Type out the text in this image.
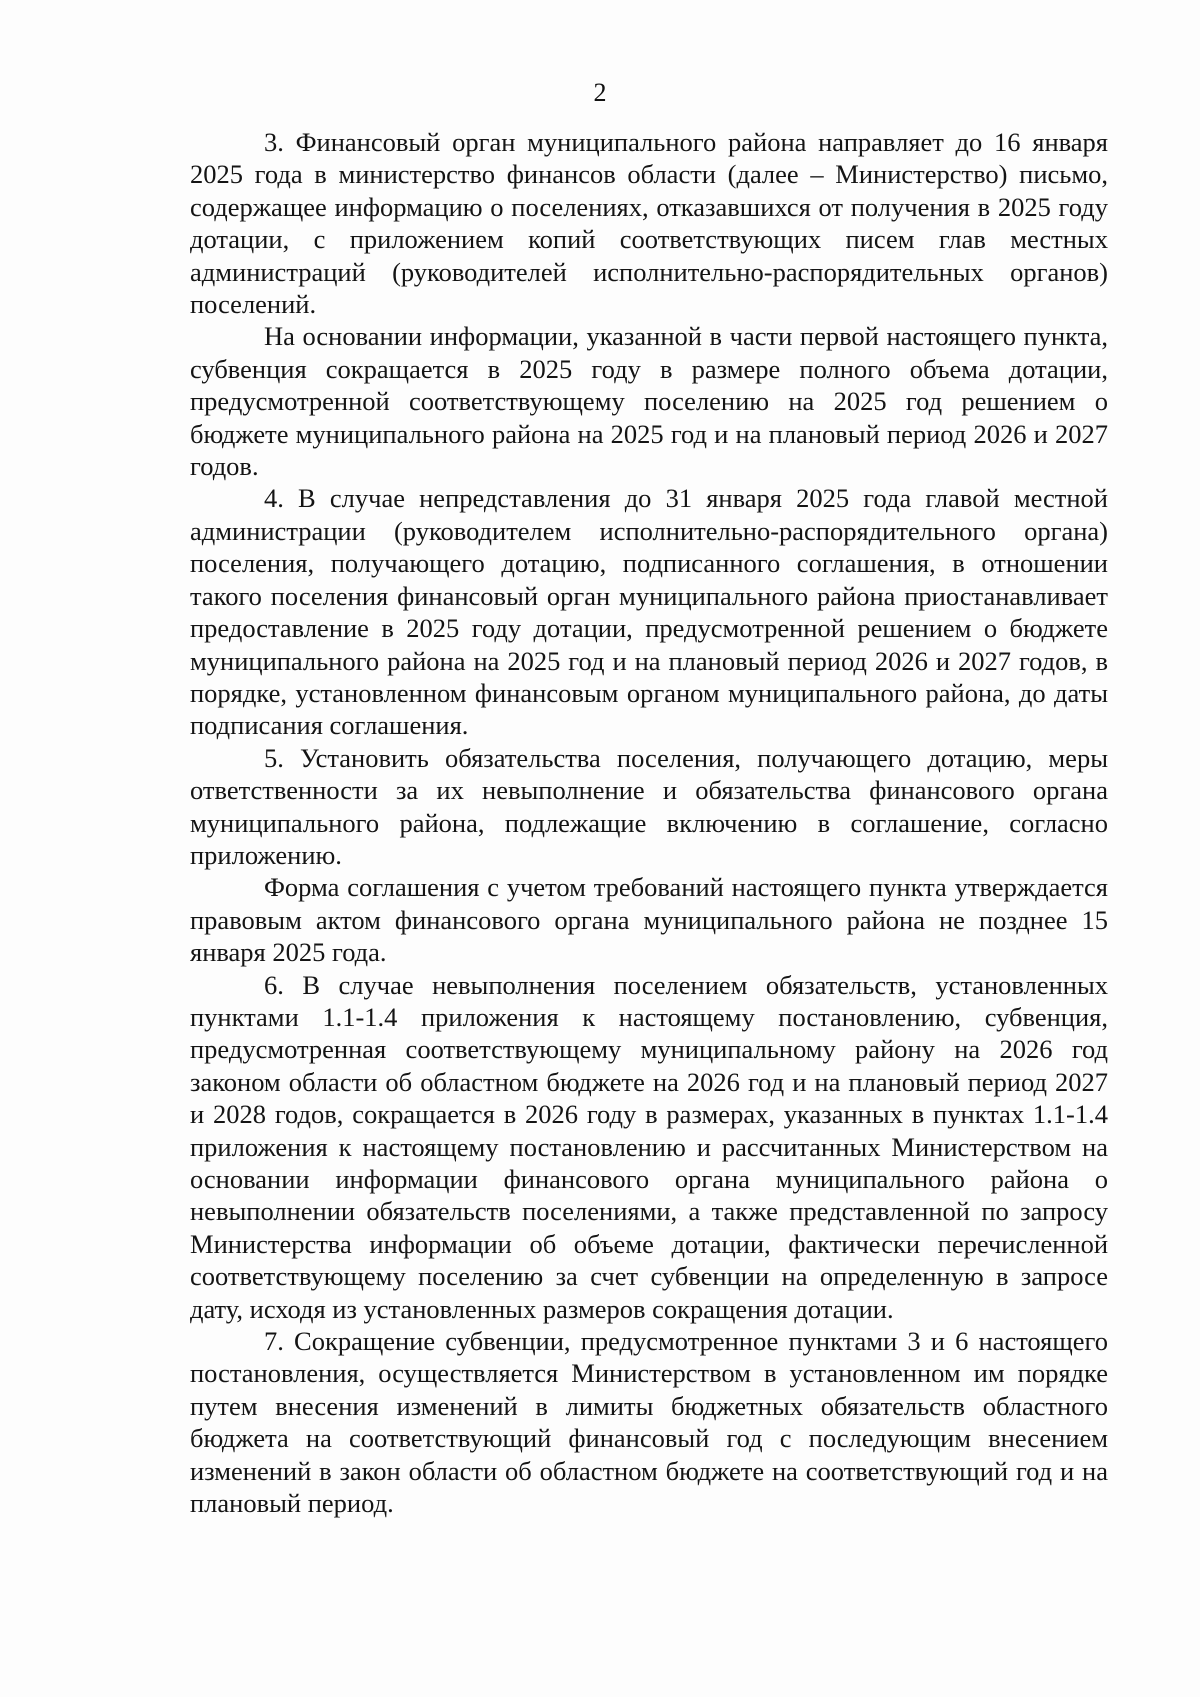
2

3. Финансовый орган муниципального района направляет до 16 января 2025 года в министерство финансов области (далее – Министерство) письмо, содержащее информацию о поселениях, отказавшихся от получения в 2025 году дотации, с приложением копий соответствующих писем глав местных администраций (руководителей исполнительно-распорядительных органов) поселений.

На основании информации, указанной в части первой настоящего пункта, субвенция сокращается в 2025 году в размере полного объема дотации, предусмотренной соответствующему поселению на 2025 год решением о бюджете муниципального района на 2025 год и на плановый период 2026 и 2027 годов.

4. В случае непредставления до 31 января 2025 года главой местной администрации (руководителем исполнительно-распорядительного органа) поселения, получающего дотацию, подписанного соглашения, в отношении такого поселения финансовый орган муниципального района приостанавливает предоставление в 2025 году дотации, предусмотренной решением о бюджете муниципального района на 2025 год и на плановый период 2026 и 2027 годов, в порядке, установленном финансовым органом муниципального района, до даты подписания соглашения.

5. Установить обязательства поселения, получающего дотацию, меры ответственности за их невыполнение и обязательства финансового органа муниципального района, подлежащие включению в соглашение, согласно приложению.

Форма соглашения с учетом требований настоящего пункта утверждается правовым актом финансового органа муниципального района не позднее 15 января 2025 года.

6. В случае невыполнения поселением обязательств, установленных пунктами 1.1-1.4 приложения к настоящему постановлению, субвенция, предусмотренная соответствующему муниципальному району на 2026 год законом области об областном бюджете на 2026 год и на плановый период 2027 и 2028 годов, сокращается в 2026 году в размерах, указанных в пунктах 1.1-1.4 приложения к настоящему постановлению и рассчитанных Министерством на основании информации финансового органа муниципального района о невыполнении обязательств поселениями, а также представленной по запросу Министерства информации об объеме дотации, фактически перечисленной соответствующему поселению за счет субвенции на определенную в запросе дату, исходя из установленных размеров сокращения дотации.

7. Сокращение субвенции, предусмотренное пунктами 3 и 6 настоящего постановления, осуществляется Министерством в установленном им порядке путем внесения изменений в лимиты бюджетных обязательств областного бюджета на соответствующий финансовый год с последующим внесением изменений в закон области об областном бюджете на соответствующий год и на плановый период.
